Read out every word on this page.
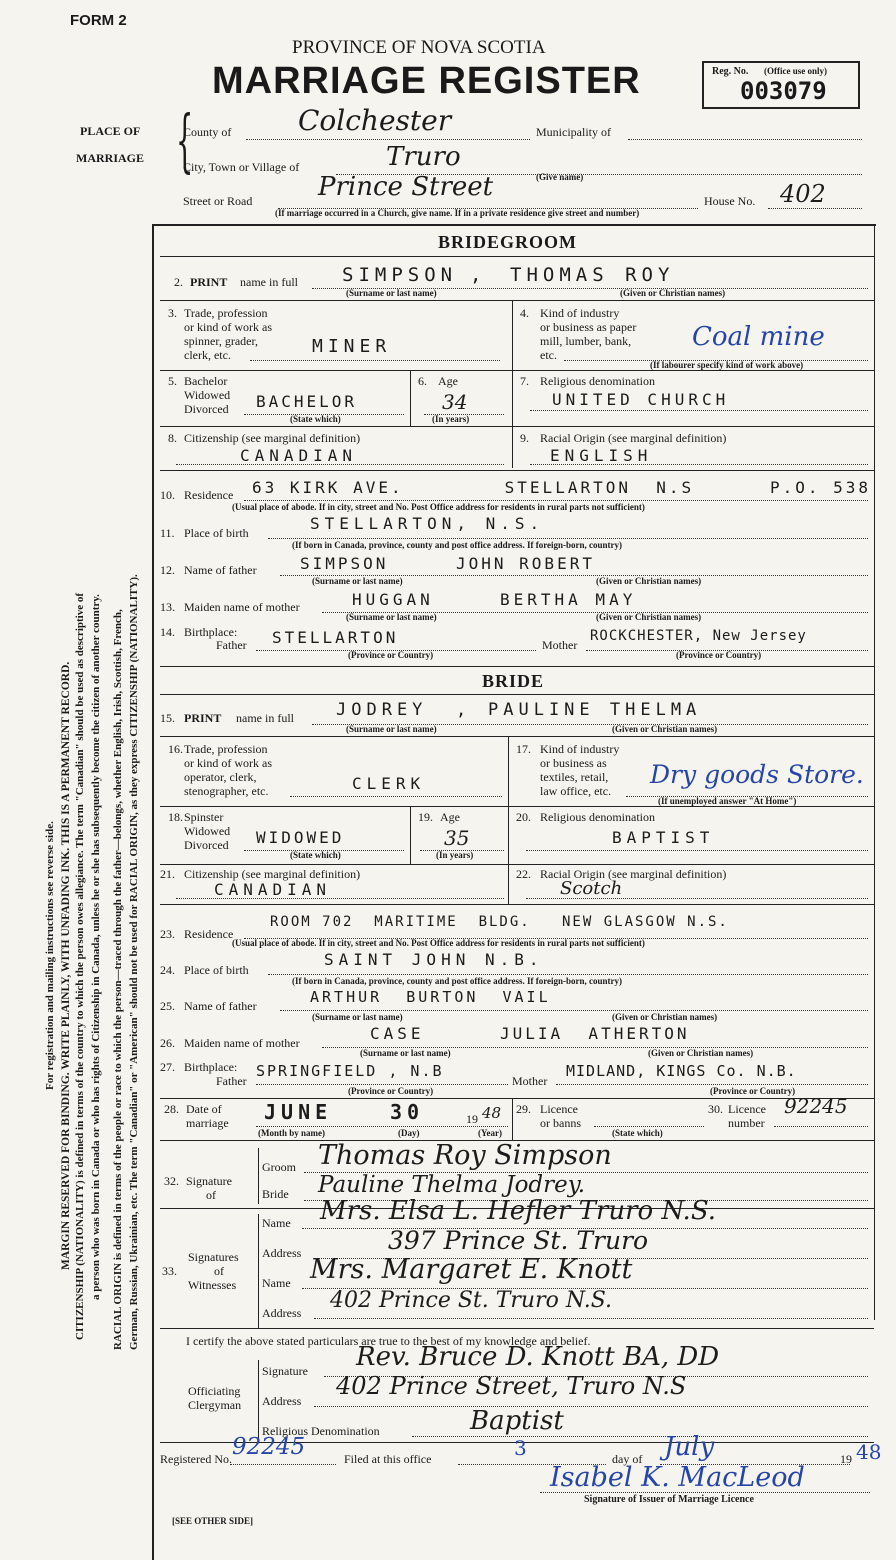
FORM 2
PROVINCE OF NOVA SCOTIA
MARRIAGE REGISTER	Reg. No. (Office use only)
003079
PLACE OF
MARRIAGE {
County of Colchester	Municipality of
City, Town or Village of	Truro
(Give name)
Street or Road	Prince Street	House No. 402
(If marriage occurred in a Church, give name. If in a private residence give street and number)
For registration and mailing instructions see reverse side. MARGIN RESERVED FOR BINDING. WRITE PLAINLY, WITH UNFADING INK. THIS IS A PERMANENT RECORD. CITIZENSHIP (NATIONALITY) is defined in terms of the country to which the person owes allegiance. The term "Canadian" should be used as descriptive of a person who was born in Canada or who has rights of Citizenship in Canada, unless he or she has subsequently become the citizen of another country. RACIAL ORIGIN is defined in terms of the people or race to which the person—traced through the father—belongs, whether English, Irish, Scottish, French, German, Russian, Ukrainian, etc. The term "Canadian" or "American" should not be used for RACIAL ORIGIN, as they express CITIZENSHIP (NATIONALITY).
BRIDEGROOM
2. PRINT name in full SIMPSON , THOMAS ROY
(Surname or last name)	(Given or Christian names)
3. Trade, profession
or kind of work as
spinner, grader,
clerk, etc.	MINER
4. Kind of industry
or business as paper
mill, lumber, bank,
etc.
Coal mine
(If labourer specify kind of work above)
5. Bachelor
Widowed
Divorced BACHELOR
(State which)
6. Age
34
(In years)
7. Religious denomination
UNITED CHURCH
8. Citizenship (see marginal definition)
CANADIAN
9. Racial Origin (see marginal definition)
ENGLISH
10. Residence 63 KIRK AVE.        STELLARTON  N.S      P.O. 538
(Usual place of abode. If in city, street and No. Post Office address for residents in rural parts not sufficient)
11. Place of birth	STELLARTON, N.S.
(If born in Canada, province, county and post office address. If foreign-born, country)
12. Name of father	SIMPSON	JOHN ROBERT
(Surname or last name)	(Given or Christian names)
13. Maiden name of mother	HUGGAN	BERTHA MAY
(Surname or last name)	(Given or Christian names)
14. Birthplace:
Father STELLARTON	Mother
ROCKCHESTER, New Jersey
(Province or Country)	(Province or Country)
BRIDE
15. PRINT name in full JODREY , PAULINE THELMA
(Surname or last name)	(Given or Christian names)
16. Trade, profession
or kind of work as
operator, clerk,
stenographer, etc.	CLERK
17. Kind of industry
or business as
textiles, retail,
law office, etc.
Dry goods Store.
(If unemployed answer "At Home")
18. Spinster
Widowed
Divorced WIDOWED
(State which)
19. Age
35
(In years)
20. Religious denomination
BAPTIST
21. Citizenship (see marginal definition)
CANADIAN
22. Racial Origin (see marginal definition)
Scotch
23. Residence
ROOM 702  MARITIME  BLDG.   NEW GLASGOW N.S.
(Usual place of abode. If in city, street and No. Post Office address for residents in rural parts not sufficient)
24. Place of birth
SAINT JOHN N.B.
(If born in Canada, province, county and post office address. If foreign-born, country)
25. Name of father	ARTHUR  BURTON  VAIL
(Surname or last name)	(Given or Christian names)
26. Maiden name of mother	CASE	JULIA  ATHERTON
(Surname or last name)	(Given or Christian names)
27. Birthplace:
Father
SPRINGFIELD , N.B
Mother
MIDLAND, KINGS Co. N.B.
(Province or Country)	(Province or Country)
28. Date of
marriage JUNE	30	19 48
(Month by name)	(Day)	(Year)
29. Licence
or banns
(State which)
30. Licence
number
92245
32. Signature
of
Groom Thomas Roy Simpson
Bride Pauline Thelma Jodrey.
33.
Signatures
of
Witnesses
Name Mrs. Elsa L. Hefler Truro N.S.
Address	397 Prince St. Truro
Name Mrs. Margaret E. Knott
Address 402 Prince St. Truro N.S.
I certify the above stated particulars are true to the best of my knowledge and belief.
Officiating
Clergyman
Signature Rev. Bruce D. Knott BA, DD
Address
402 Prince Street, Truro N.S
Religious Denomination	Baptist
Registered No. 92245	Filed at this office	3	day of July	19 48
Isabel K. MacLeod
Signature of Issuer of Marriage Licence
[SEE OTHER SIDE]
